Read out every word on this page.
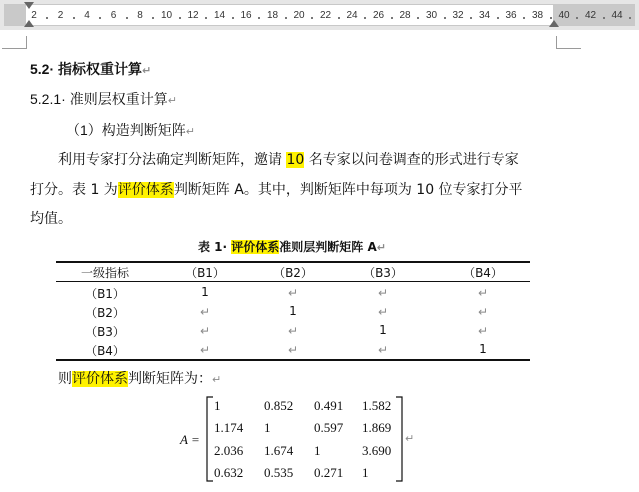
2 2 4 6 8 10 12 14 16 18 20 22 24 26 28 30 32 34 36 38 40 42 44
5.2· 指标权重计算↵
5.2.1· 准则层权重计算↵
（1）构造判断矩阵↵
利用专家打分法确定判断矩阵，邀请 10 名专家以问卷调查的形式进行专家
打分。表 1 为评价体系判断矩阵 A。其中，判断矩阵中每项为 10 位专家打分平
均值。
表 1· 评价体系准则层判断矩阵 A↵
一级指标	（B1）	（B2）	（B3）	（B4）
（B1）	1	↵	↵	↵
（B2）	↵	1	↵	↵
（B3）	↵	↵	1	↵
（B4）	↵	↵	↵	1
则评价体系判断矩阵为：↵
A =
1	0.852 0.491 1.582
1.174 1	0.597 1.869
2.036 1.674 1	3.690
0.632 0.535 0.271 1
↵
